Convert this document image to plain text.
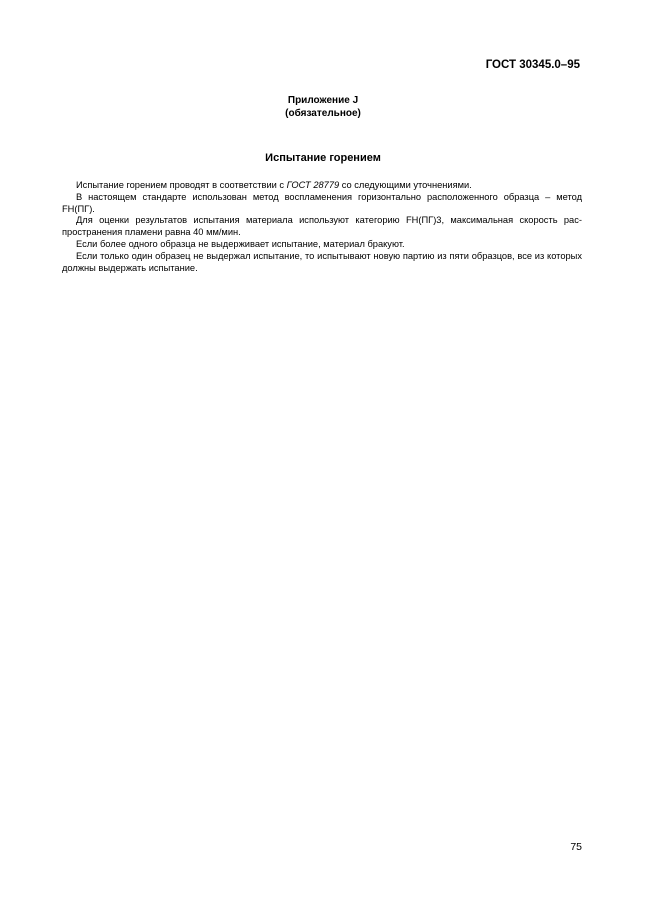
ГОСТ 30345.0–95
Приложение J
(обязательное)
Испытание горением

Испытание горением проводят в соответствии с ГОСТ 28779 со следующими уточнениями.

В настоящем стандарте использован метод воспламенения горизонтально расположенного образца – метод FH(ПГ).

Для оценки результатов испытания материала используют категорию FH(ПГ)3, максимальная скорость распространения пламени равна 40 мм/мин.

Если более одного образца не выдерживает испытание, материал бракуют.

Если только один образец не выдержал испытание, то испытывают новую партию из пяти образцов, все из которых должны выдержать испытание.

75
